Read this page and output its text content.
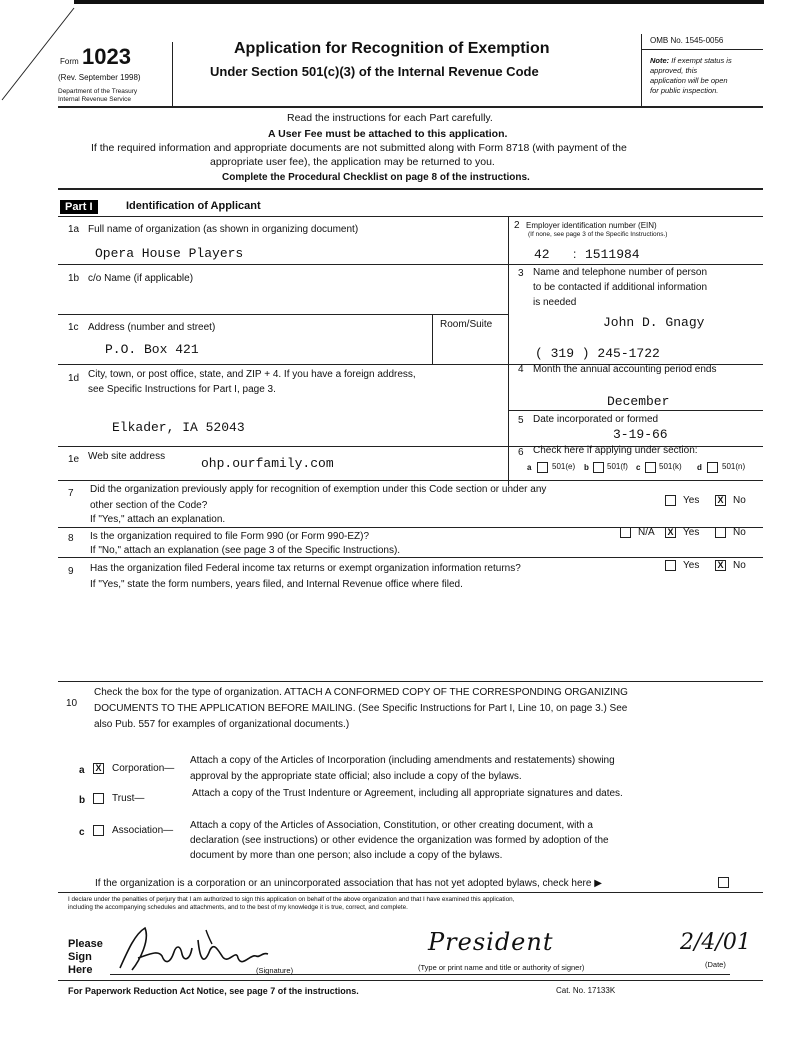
Form 1023
(Rev. September 1998)
Department of the Treasury
Internal Revenue Service
Application for Recognition of Exemption
Under Section 501(c)(3) of the Internal Revenue Code
OMB No. 1545-0056
Note: If exempt status is
approved, this
application will be open
for public inspection.
Read the instructions for each Part carefully.
A User Fee must be attached to this application.
If the required information and appropriate documents are not submitted along with Form 8718 (with payment of the
appropriate user fee), the application may be returned to you.
Complete the Procedural Checklist on page 8 of the instructions.
Part I	Identification of Applicant
1a Full name of organization (as shown in organizing document)
Opera House Players
2 Employer identification number (EIN)
(If none, see page 3 of the Specific Instructions.)
42 : 1511984
1b c/o Name (if applicable)	3 Name and telephone number of person
to be contacted if additional information
is needed
John D. Gnagy
( 319 ) 245-1722
1c Address (number and street)	Room/Suite
P.O. Box 421
1d City, town, or post office, state, and ZIP + 4. If you have a foreign address,
see Specific Instructions for Part I, page 3.
Elkader, IA 52043
4 Month the annual accounting period ends
December
5 Date incorporated or formed
3-19-66
1e Web site address	ohp.ourfamily.com
6 Check here if applying under section:
a	501(e) b 501(f) c 501(k) d	501(n)
7 Did the organization previously apply for recognition of exemption under this Code section or under any
other section of the Code?
If "Yes," attach an explanation.
Yes X No
8 Is the organization required to file Form 990 (or Form 990-EZ)?
If "No," attach an explanation (see page 3 of the Specific Instructions).
N/A X Yes	No
9 Has the organization filed Federal income tax returns or exempt organization information returns?
If "Yes," state the form numbers, years filed, and Internal Revenue office where filed.
Yes X No
10
Check the box for the type of organization. ATTACH A CONFORMED COPY OF THE CORRESPONDING ORGANIZING
DOCUMENTS TO THE APPLICATION BEFORE MAILING. (See Specific Instructions for Part I, Line 10, on page 3.) See
also Pub. 557 for examples of organizational documents.)
a X Corporation—
Attach a copy of the Articles of Incorporation (including amendments and restatements) showing
approval by the appropriate state official; also include a copy of the bylaws.
b	Trust—	Attach a copy of the Trust Indenture or Agreement, including all appropriate signatures and dates.
c	Association— Attach a copy of the Articles of Association, Constitution, or other creating document, with a
declaration (see instructions) or other evidence the organization was formed by adoption of the
document by more than one person; also include a copy of the bylaws.
If the organization is a corporation or an unincorporated association that has not yet adopted bylaws, check here ▶
I declare under the penalties of perjury that I am authorized to sign this application on behalf of the above organization and that I have examined this application,
including the accompanying schedules and attachments, and to the best of my knowledge it is true, correct, and complete.
Please
Sign
Here	(Signature)
President
(Type or print name and title or authority of signer)
2/4/01
(Date)
For Paperwork Reduction Act Notice, see page 7 of the instructions.	Cat. No. 17133K
